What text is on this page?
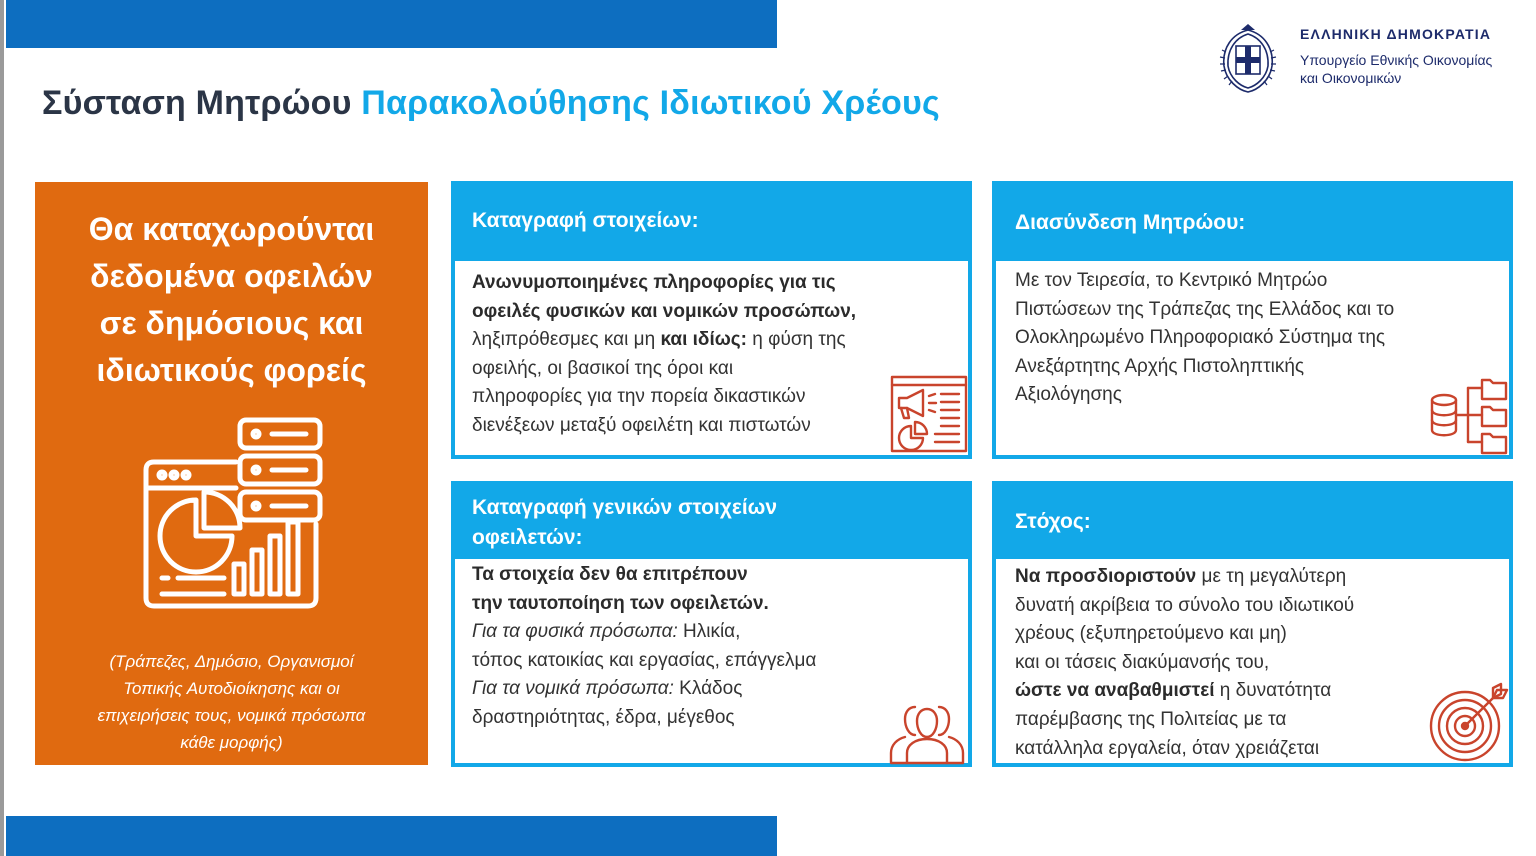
Σύσταση Μητρώου Παρακολούθησης Ιδιωτικού Χρέους
ΕΛΛΗΝΙΚΗ ΔΗΜΟΚΡΑΤΙΑ
Υπουργείο Εθνικής Οικονομίας
και Οικονομικών
Θα καταχωρούνται
δεδομένα οφειλών
σε δημόσιους και
ιδιωτικούς φορείς
(Τράπεζες, Δημόσιο, Οργανισμοί
Τοπικής Αυτοδιοίκησης και οι
επιχειρήσεις τους, νομικά πρόσωπα
κάθε μορφής)
Καταγραφή στοιχείων:
Ανωνυμοποιημένες πληροφορίες για τις
οφειλές φυσικών και νομικών προσώπων,
ληξιπρόθεσμες και μη και ιδίως: η φύση της
οφειλής, οι βασικοί της όροι και
πληροφορίες για την πορεία δικαστικών
διενέξεων μεταξύ οφειλέτη και πιστωτών
Διασύνδεση Μητρώου:
Με τον Τειρεσία, το Κεντρικό Μητρώο
Πιστώσεων της Τράπεζας της Ελλάδος και το
Ολοκληρωμένο Πληροφοριακό Σύστημα της
Ανεξάρτητης Αρχής Πιστοληπτικής
Αξιολόγησης
Καταγραφή γενικών στοιχείων
οφειλετών:
Τα στοιχεία δεν θα επιτρέπουν
την ταυτοποίηση των οφειλετών.
Για τα φυσικά πρόσωπα: Ηλικία,
τόπος κατοικίας και εργασίας, επάγγελμα
Για τα νομικά πρόσωπα: Κλάδος
δραστηριότητας, έδρα, μέγεθος
Στόχος:
Να προσδιοριστούν με τη μεγαλύτερη
δυνατή ακρίβεια το σύνολο του ιδιωτικού
χρέους (εξυπηρετούμενο και μη)
και οι τάσεις διακύμανσής του,
ώστε να αναβαθμιστεί η δυνατότητα
παρέμβασης της Πολιτείας με τα
κατάλληλα εργαλεία, όταν χρειάζεται
